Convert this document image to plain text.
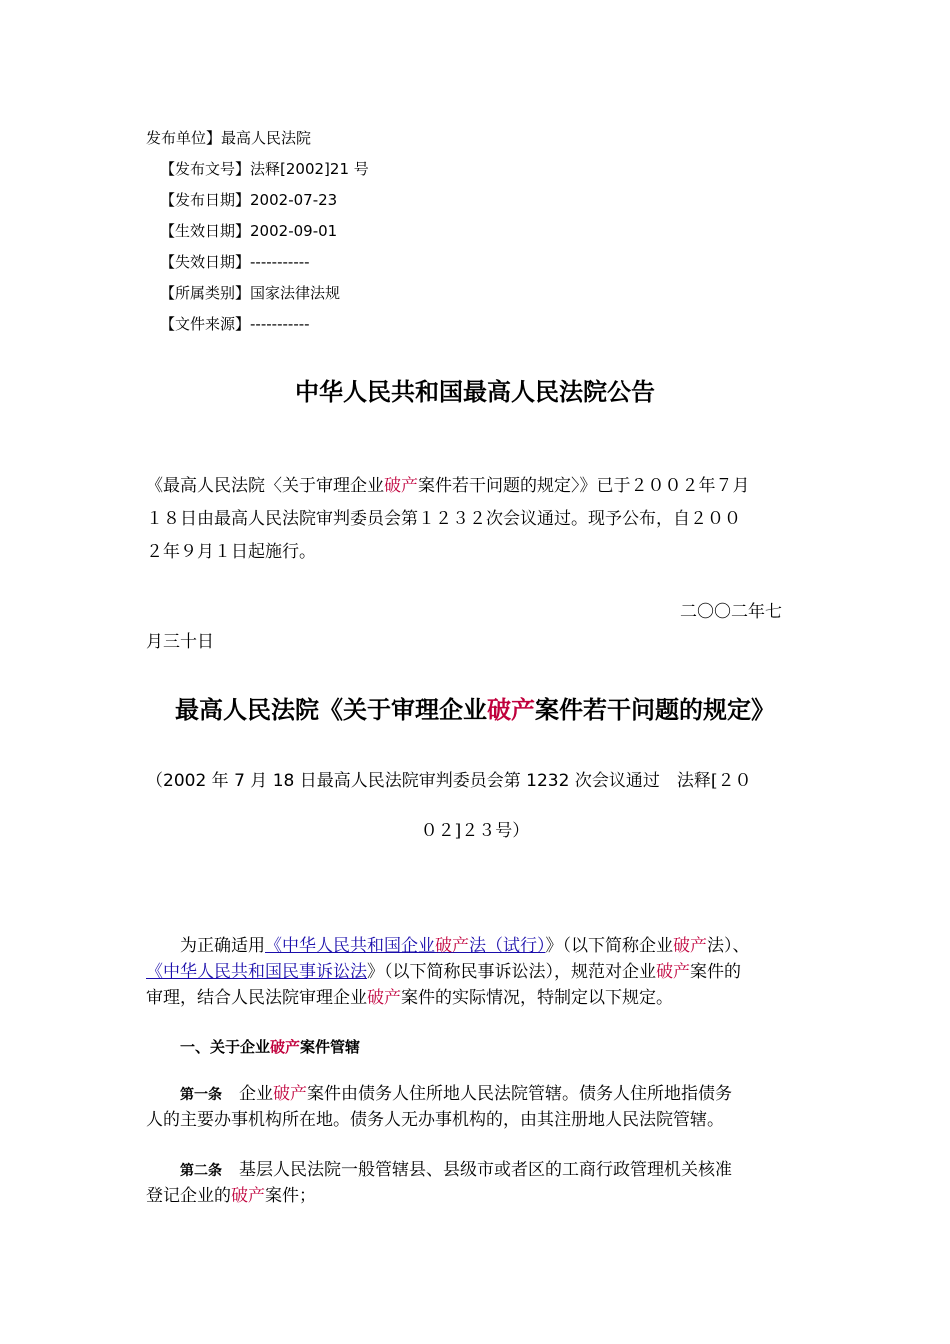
发布单位】最高人民法院
【发布文号】法释[2002]21 号
【发布日期】2002-07-23
【生效日期】2002-09-01
【失效日期】-----------
【所属类别】国家法律法规
【文件来源】-----------
中华人民共和国最高人民法院公告
《最高人民法院〈关于审理企业破产案件若干问题的规定〉》已于２００２年７月
１８日由最高人民法院审判委员会第１２３２次会议通过。现予公布，自２００
２年９月１日起施行。
二〇〇二年七
月三十日
最高人民法院《关于审理企业破产案件若干问题的规定》
（2002 年 7 月 18 日最高人民法院审判委员会第 1232 次会议通过　法释[２０
０２]２３号）
为正确适用《中华人民共和国企业破产法（试行）》（以下简称企业破产法）、
《中华人民共和国民事诉讼法》（以下简称民事诉讼法），规范对企业破产案件的
审理，结合人民法院审理企业破产案件的实际情况，特制定以下规定。
一、关于企业破产案件管辖
第一条　企业破产案件由债务人住所地人民法院管辖。债务人住所地指债务
人的主要办事机构所在地。债务人无办事机构的，由其注册地人民法院管辖。
第二条　基层人民法院一般管辖县、县级市或者区的工商行政管理机关核准
登记企业的破产案件；
